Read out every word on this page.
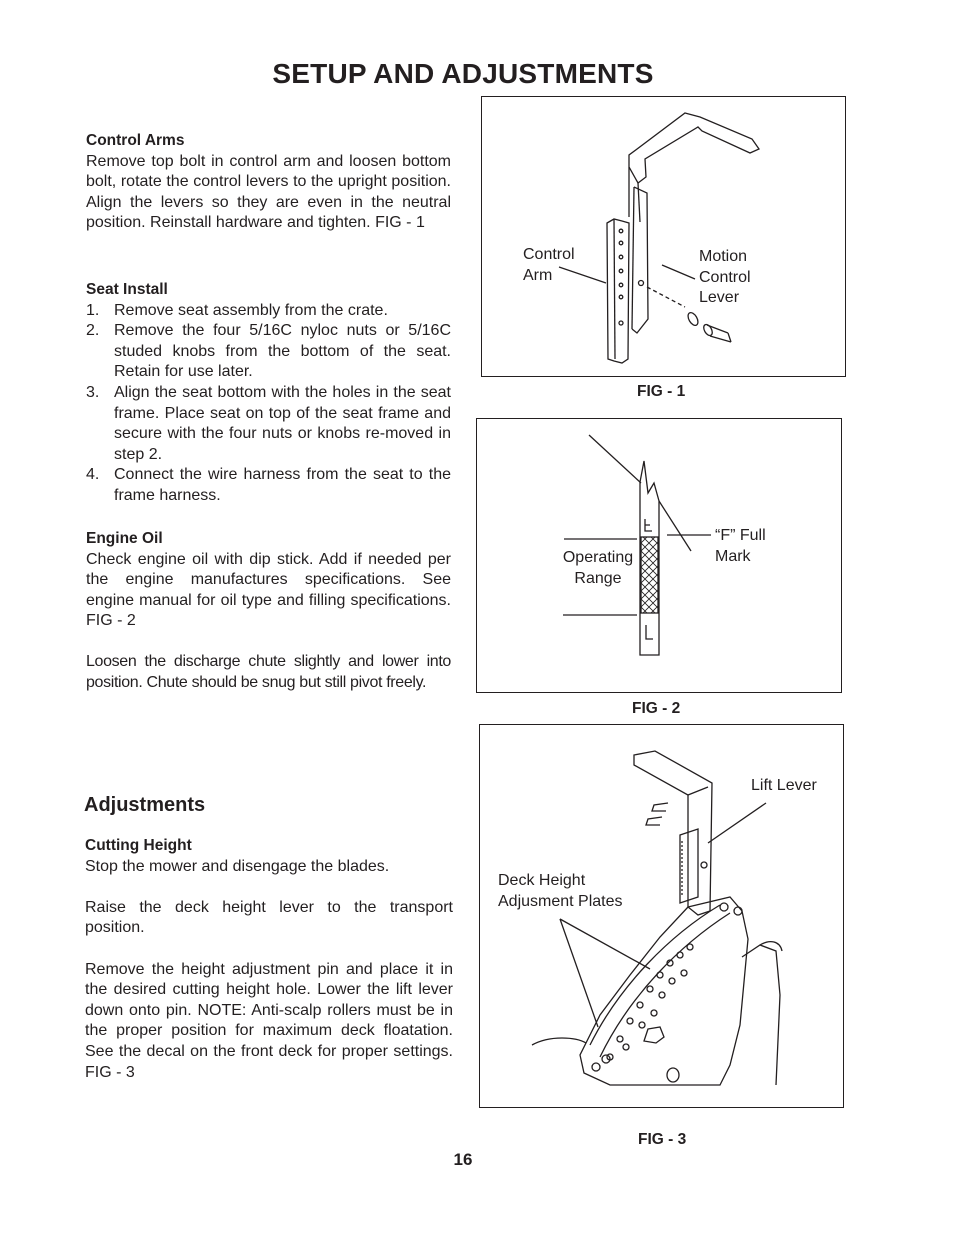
SETUP AND ADJUSTMENTS
Control Arms

Remove top bolt in control arm and loosen bottom bolt, rotate the control levers to the upright position. Align the levers so they are even in the neutral position. Reinstall hardware and tighten. FIG - 1

Seat Install
1. Remove seat assembly from the crate.
2. Remove the four 5/16C nyloc nuts or 5/16C studed knobs from the bottom of the seat. Retain for use later.
3. Align the seat bottom with the holes in the seat frame. Place seat on top of the seat frame and secure with the four nuts or knobs re-moved in step 2.
4. Connect the wire harness from the seat to the frame harness.
Engine Oil

Check engine oil with dip stick. Add if needed per the engine manufactures specifications. See engine manual for oil type and filling specifications. FIG - 2

Loosen the discharge chute slightly and lower into position. Chute should be snug but still pivot freely.

Adjustments
Cutting Height

Stop the mower and disengage the blades.

Raise the deck height lever to the transport position.

Remove the height adjustment pin and place it in the desired cutting height hole. Lower the lift lever down onto pin. NOTE: Anti-scalp rollers must be in the proper position for maximum deck floatation. See the decal on the front deck for proper settings. FIG - 3

Control
Arm
Motion
Control
Lever
FIG - 1
Operating
Range
“F” Full
Mark
FIG - 2
Lift Lever
Deck Height
Adjusment Plates
FIG - 3
16
